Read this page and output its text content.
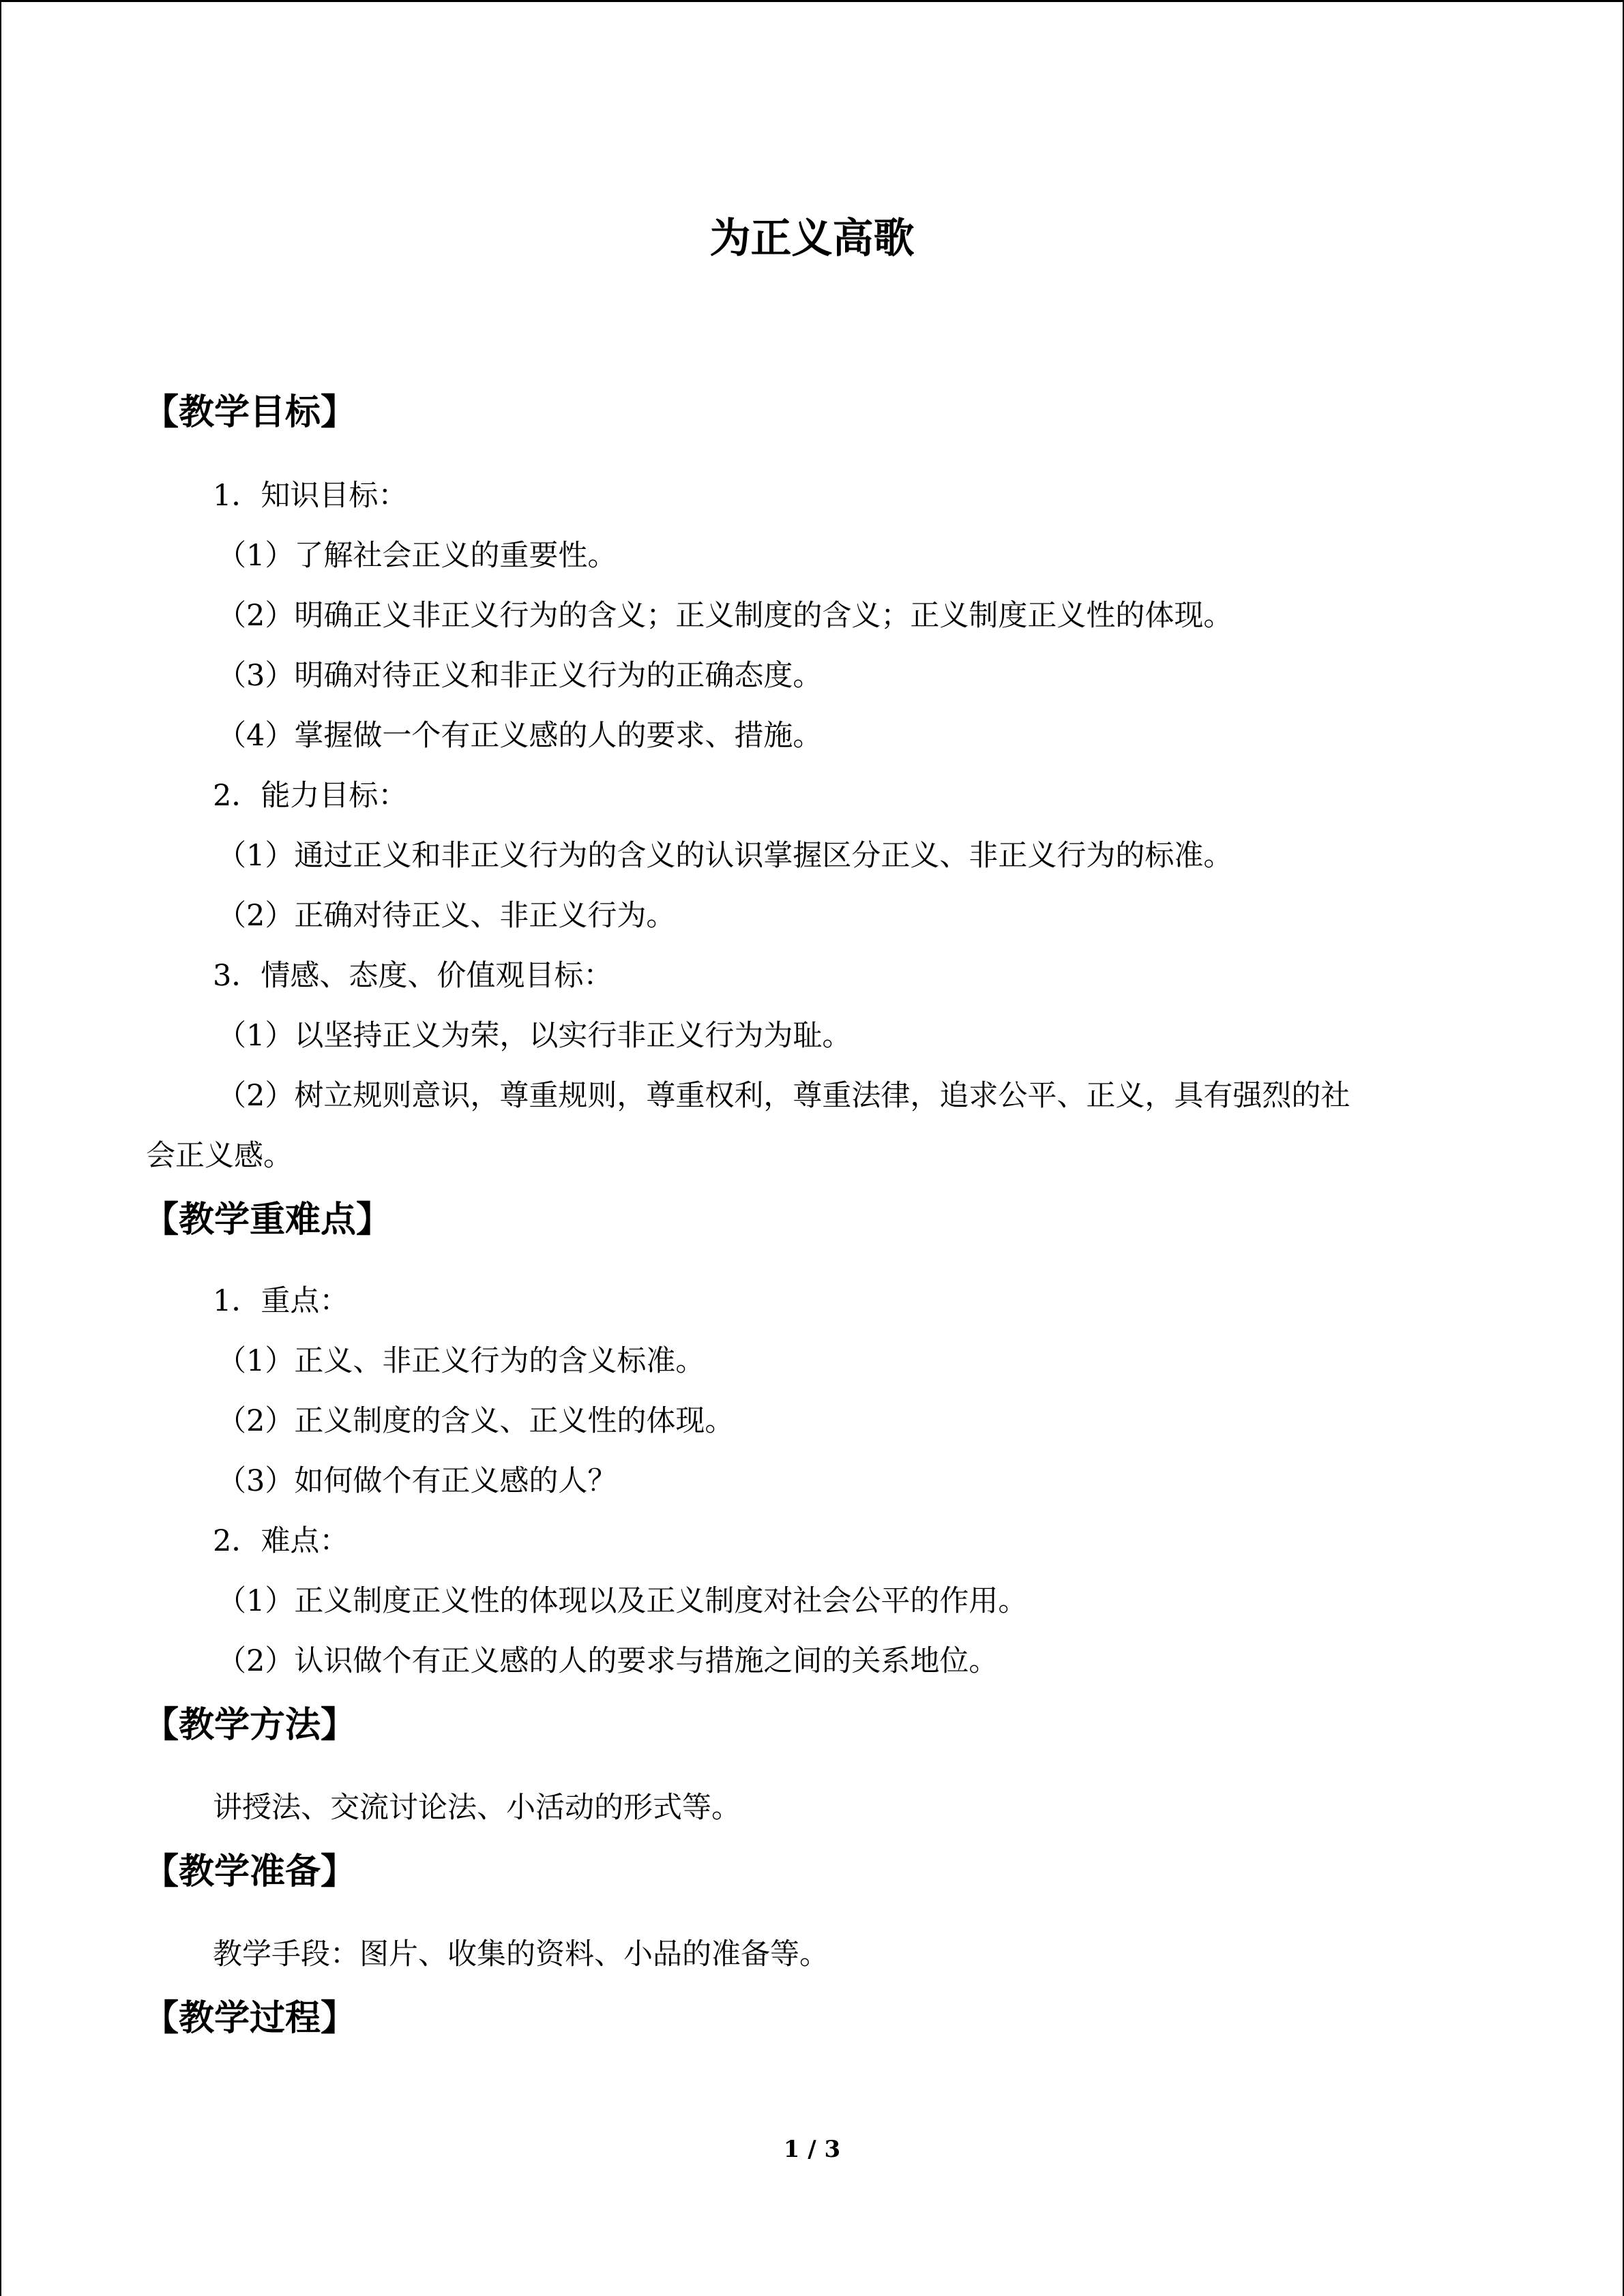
为正义高歌
【教学目标】
1．知识目标：
（1）了解社会正义的重要性。
（2）明确正义非正义行为的含义；正义制度的含义；正义制度正义性的体现。
（3）明确对待正义和非正义行为的正确态度。
（4）掌握做一个有正义感的人的要求、措施。
2．能力目标：
（1）通过正义和非正义行为的含义的认识掌握区分正义、非正义行为的标准。
（2）正确对待正义、非正义行为。
3．情感、态度、价值观目标：
（1）以坚持正义为荣，以实行非正义行为为耻。
（2）树立规则意识，尊重规则，尊重权利，尊重法律，追求公平、正义，具有强烈的社
会正义感。
【教学重难点】
1．重点：
（1）正义、非正义行为的含义标准。
（2）正义制度的含义、正义性的体现。
（3）如何做个有正义感的人？
2．难点：
（1）正义制度正义性的体现以及正义制度对社会公平的作用。
（2）认识做个有正义感的人的要求与措施之间的关系地位。
【教学方法】
讲授法、交流讨论法、小活动的形式等。
【教学准备】
教学手段：图片、收集的资料、小品的准备等。
【教学过程】
1 / 3
